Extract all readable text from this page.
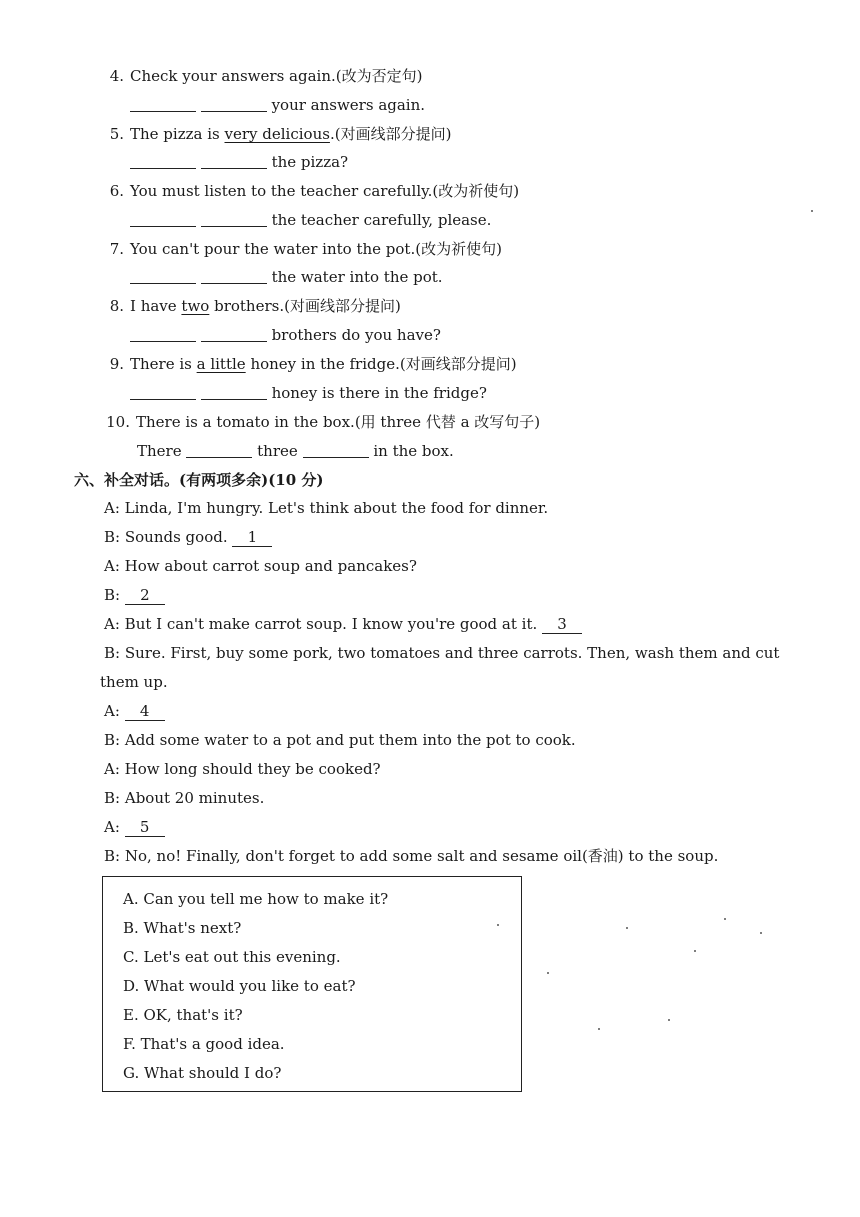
4. Check your answers again.(改为否定句)
your answers again.
5. The pizza is very delicious.(对画线部分提问)
the pizza?
6. You must listen to the teacher carefully.(改为祈使句)
the teacher carefully, please.
7. You can't pour the water into the pot.(改为祈使句)
the water into the pot.
8. I have two brothers.(对画线部分提问)
brothers do you have?
9. There is a little honey in the fridge.(对画线部分提问)
honey is there in the fridge?
10. There is a tomato in the box.(用 three 代替 a 改写句子)
There	three	in the box.
六、补全对话。(有两项多余)(10 分)
A: Linda, I'm hungry. Let's think about the food for dinner.
B: Sounds good. 1
A: How about carrot soup and pancakes?
B: 2
A: But I can't make carrot soup. I know you're good at it. 3
B: Sure. First, buy some pork, two tomatoes and three carrots. Then, wash them and cut
them up.
A: 4
B: Add some water to a pot and put them into the pot to cook.
A: How long should they be cooked?
B: About 20 minutes.
A: 5
B: No, no! Finally, don't forget to add some salt and sesame oil(香油) to the soup.
A. Can you tell me how to make it?
B. What's next?
C. Let's eat out this evening.
D. What would you like to eat?
E. OK, that's it?
F. That's a good idea.
G. What should I do?
